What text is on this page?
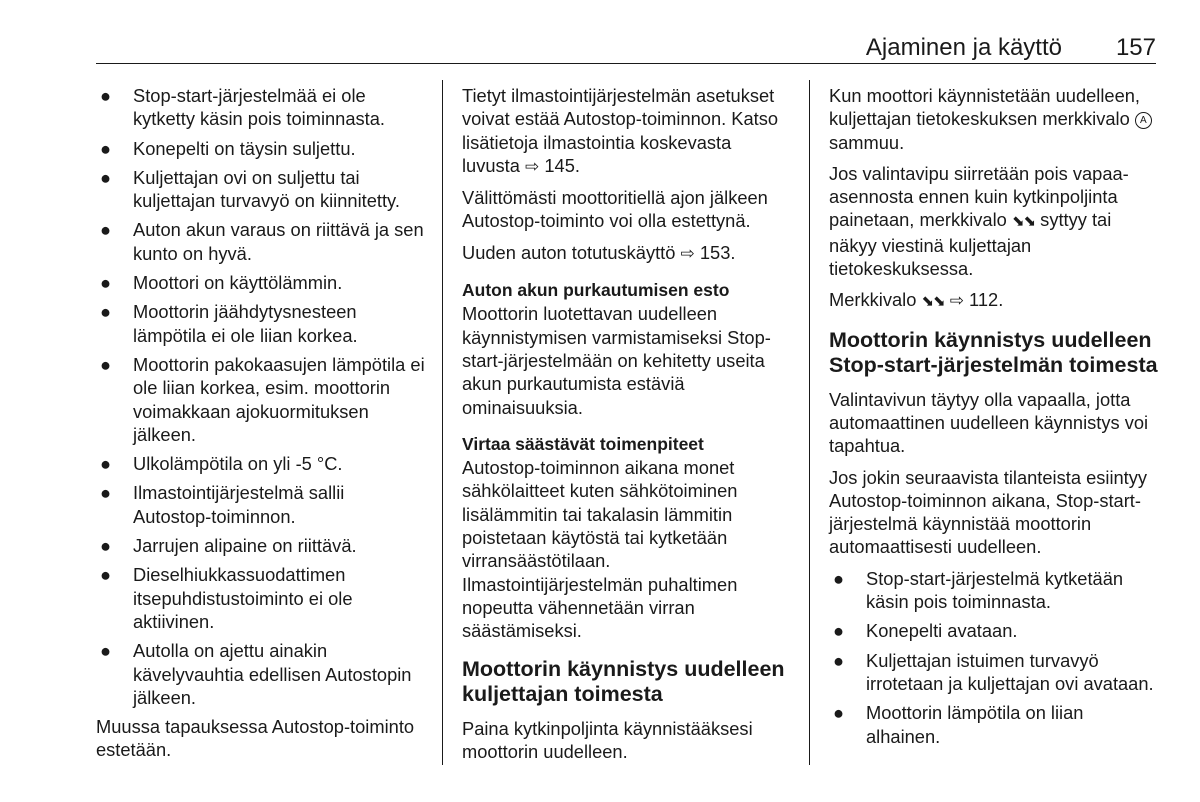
Ajaminen ja käyttö 157
● Stop-start-järjestelmää ei ole kytketty käsin pois toiminnasta.
● Konepelti on täysin suljettu.
● Kuljettajan ovi on suljettu tai kuljettajan turvavyö on kiinnitetty.
● Auton akun varaus on riittävä ja sen kunto on hyvä.
● Moottori on käyttölämmin.
● Moottorin jäähdytysnesteen lämpötila ei ole liian korkea.
● Moottorin pakokaasujen lämpötila ei ole liian korkea, esim. moottorin voimakkaan ajokuormituksen jälkeen.
● Ulkolämpötila on yli -5 °C.
● Ilmastointijärjestelmä sallii Autostop-toiminnon.
● Jarrujen alipaine on riittävä.
● Dieselhiukkassuodattimen itsepuhdistustoiminto ei ole aktiivinen.
● Autolla on ajettu ainakin kävelyvauhtia edellisen Autostopin jälkeen.

Muussa tapauksessa Autostop-toiminto estetään.

Tietyt ilmastointijärjestelmän asetukset voivat estää Autostop-toiminnon. Katso lisätietoja ilmastointia koskevasta luvusta ⇨ 145.

Välittömästi moottoritiellä ajon jälkeen Autostop-toiminto voi olla estettynä.

Uuden auton totutuskäyttö ⇨ 153.

Auton akun purkautumisen esto

Moottorin luotettavan uudelleen käynnistymisen varmistamiseksi Stop-start-järjestelmään on kehitetty useita akun purkautumista estäviä ominaisuuksia.

Virtaa säästävät toimenpiteet

Autostop-toiminnon aikana monet sähkölaitteet kuten sähkötoiminen lisälämmitin tai takalasin lämmitin poistetaan käytöstä tai kytketään virransäästötilaan. Ilmastointijärjestelmän puhaltimen nopeutta vähennetään virran säästämiseksi.

Moottorin käynnistys uudelleen kuljettajan toimesta

Paina kytkinpoljinta käynnistääksesi moottorin uudelleen.

Kun moottori käynnistetään uudelleen, kuljettajan tietokeskuksen merkkivalo A sammuu.

Jos valintavipu siirretään pois vapaa-asennosta ennen kuin kytkinpoljinta painetaan, merkkivalo ⬊⬊ syttyy tai näkyy viestinä kuljettajan tietokeskuksessa.

Merkkivalo ⬊⬊ ⇨ 112.

Moottorin käynnistys uudelleen Stop-start-järjestelmän toimesta

Valintavivun täytyy olla vapaalla, jotta automaattinen uudelleen käynnistys voi tapahtua.

Jos jokin seuraavista tilanteista esiintyy Autostop-toiminnon aikana, Stop-start-järjestelmä käynnistää moottorin automaattisesti uudelleen.

● Stop-start-järjestelmä kytketään käsin pois toiminnasta.
● Konepelti avataan.
● Kuljettajan istuimen turvavyö irrotetaan ja kuljettajan ovi avataan.
● Moottorin lämpötila on liian alhainen.
